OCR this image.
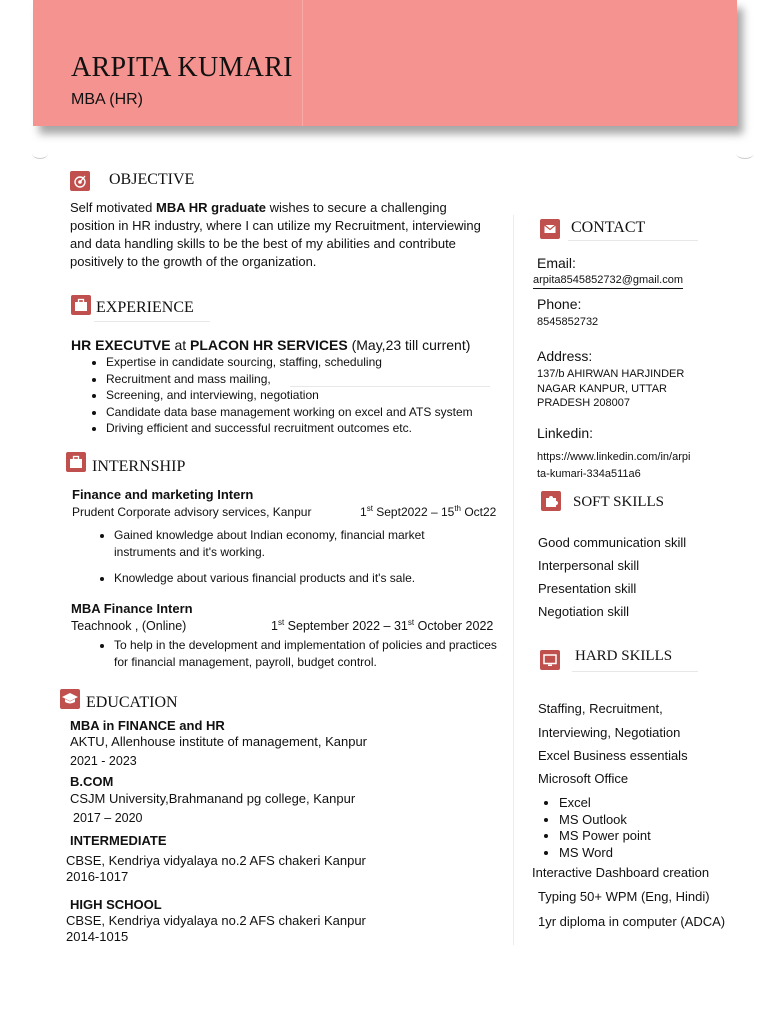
ARPITA KUMARI
MBA (HR)
OBJECTIVE
Self motivated MBA HR graduate wishes to secure a challenging position in HR industry, where I can utilize my Recruitment, interviewing and data handling skills to be the best of my abilities and contribute positively to the growth of the organization.
EXPERIENCE
HR EXECUTVE at PLACON HR SERVICES (May,23 till current)
• Expertise in candidate sourcing, staffing, scheduling
• Recruitment and mass mailing,
• Screening, and interviewing, negotiation
• Candidate data base management working on excel and ATS system
• Driving efficient and successful recruitment outcomes etc.
INTERNSHIP
Finance and marketing Intern
Prudent Corporate advisory services, Kanpur	1st Sept2022 – 15th Oct22
• Gained knowledge about Indian economy, financial market instruments and it's working.
• Knowledge about various financial products and it's sale.
MBA Finance Intern
Teachnook , (Online)	1st September 2022 – 31st October 2022
• To help in the development and implementation of policies and practices for financial management, payroll, budget control.
EDUCATION
MBA in FINANCE and HR
AKTU, Allenhouse institute of management, Kanpur
2021 - 2023
B.COM
CSJM University,Brahmanand pg college, Kanpur
2017 – 2020
INTERMEDIATE
CBSE, Kendriya vidyalaya no.2 AFS chakeri Kanpur
2016-1017
HIGH SCHOOL
CBSE, Kendriya vidyalaya no.2 AFS chakeri Kanpur
2014-1015
CONTACT
Email:
arpita8545852732@gmail.com
Phone:
8545852732
Address:
137/b AHIRWAN HARJINDER
NAGAR KANPUR, UTTAR
PRADESH 208007
Linkedin:
https://www.linkedin.com/in/arpi
ta-kumari-334a511a6
SOFT SKILLS
Good communication skill
Interpersonal skill
Presentation skill
Negotiation skill
HARD SKILLS
Staffing, Recruitment,
Interviewing, Negotiation
Excel Business essentials
Microsoft Office
• Excel
• MS Outlook
• MS Power point
• MS Word
Interactive Dashboard creation
Typing 50+ WPM (Eng, Hindi)
1yr diploma in computer (ADCA)
